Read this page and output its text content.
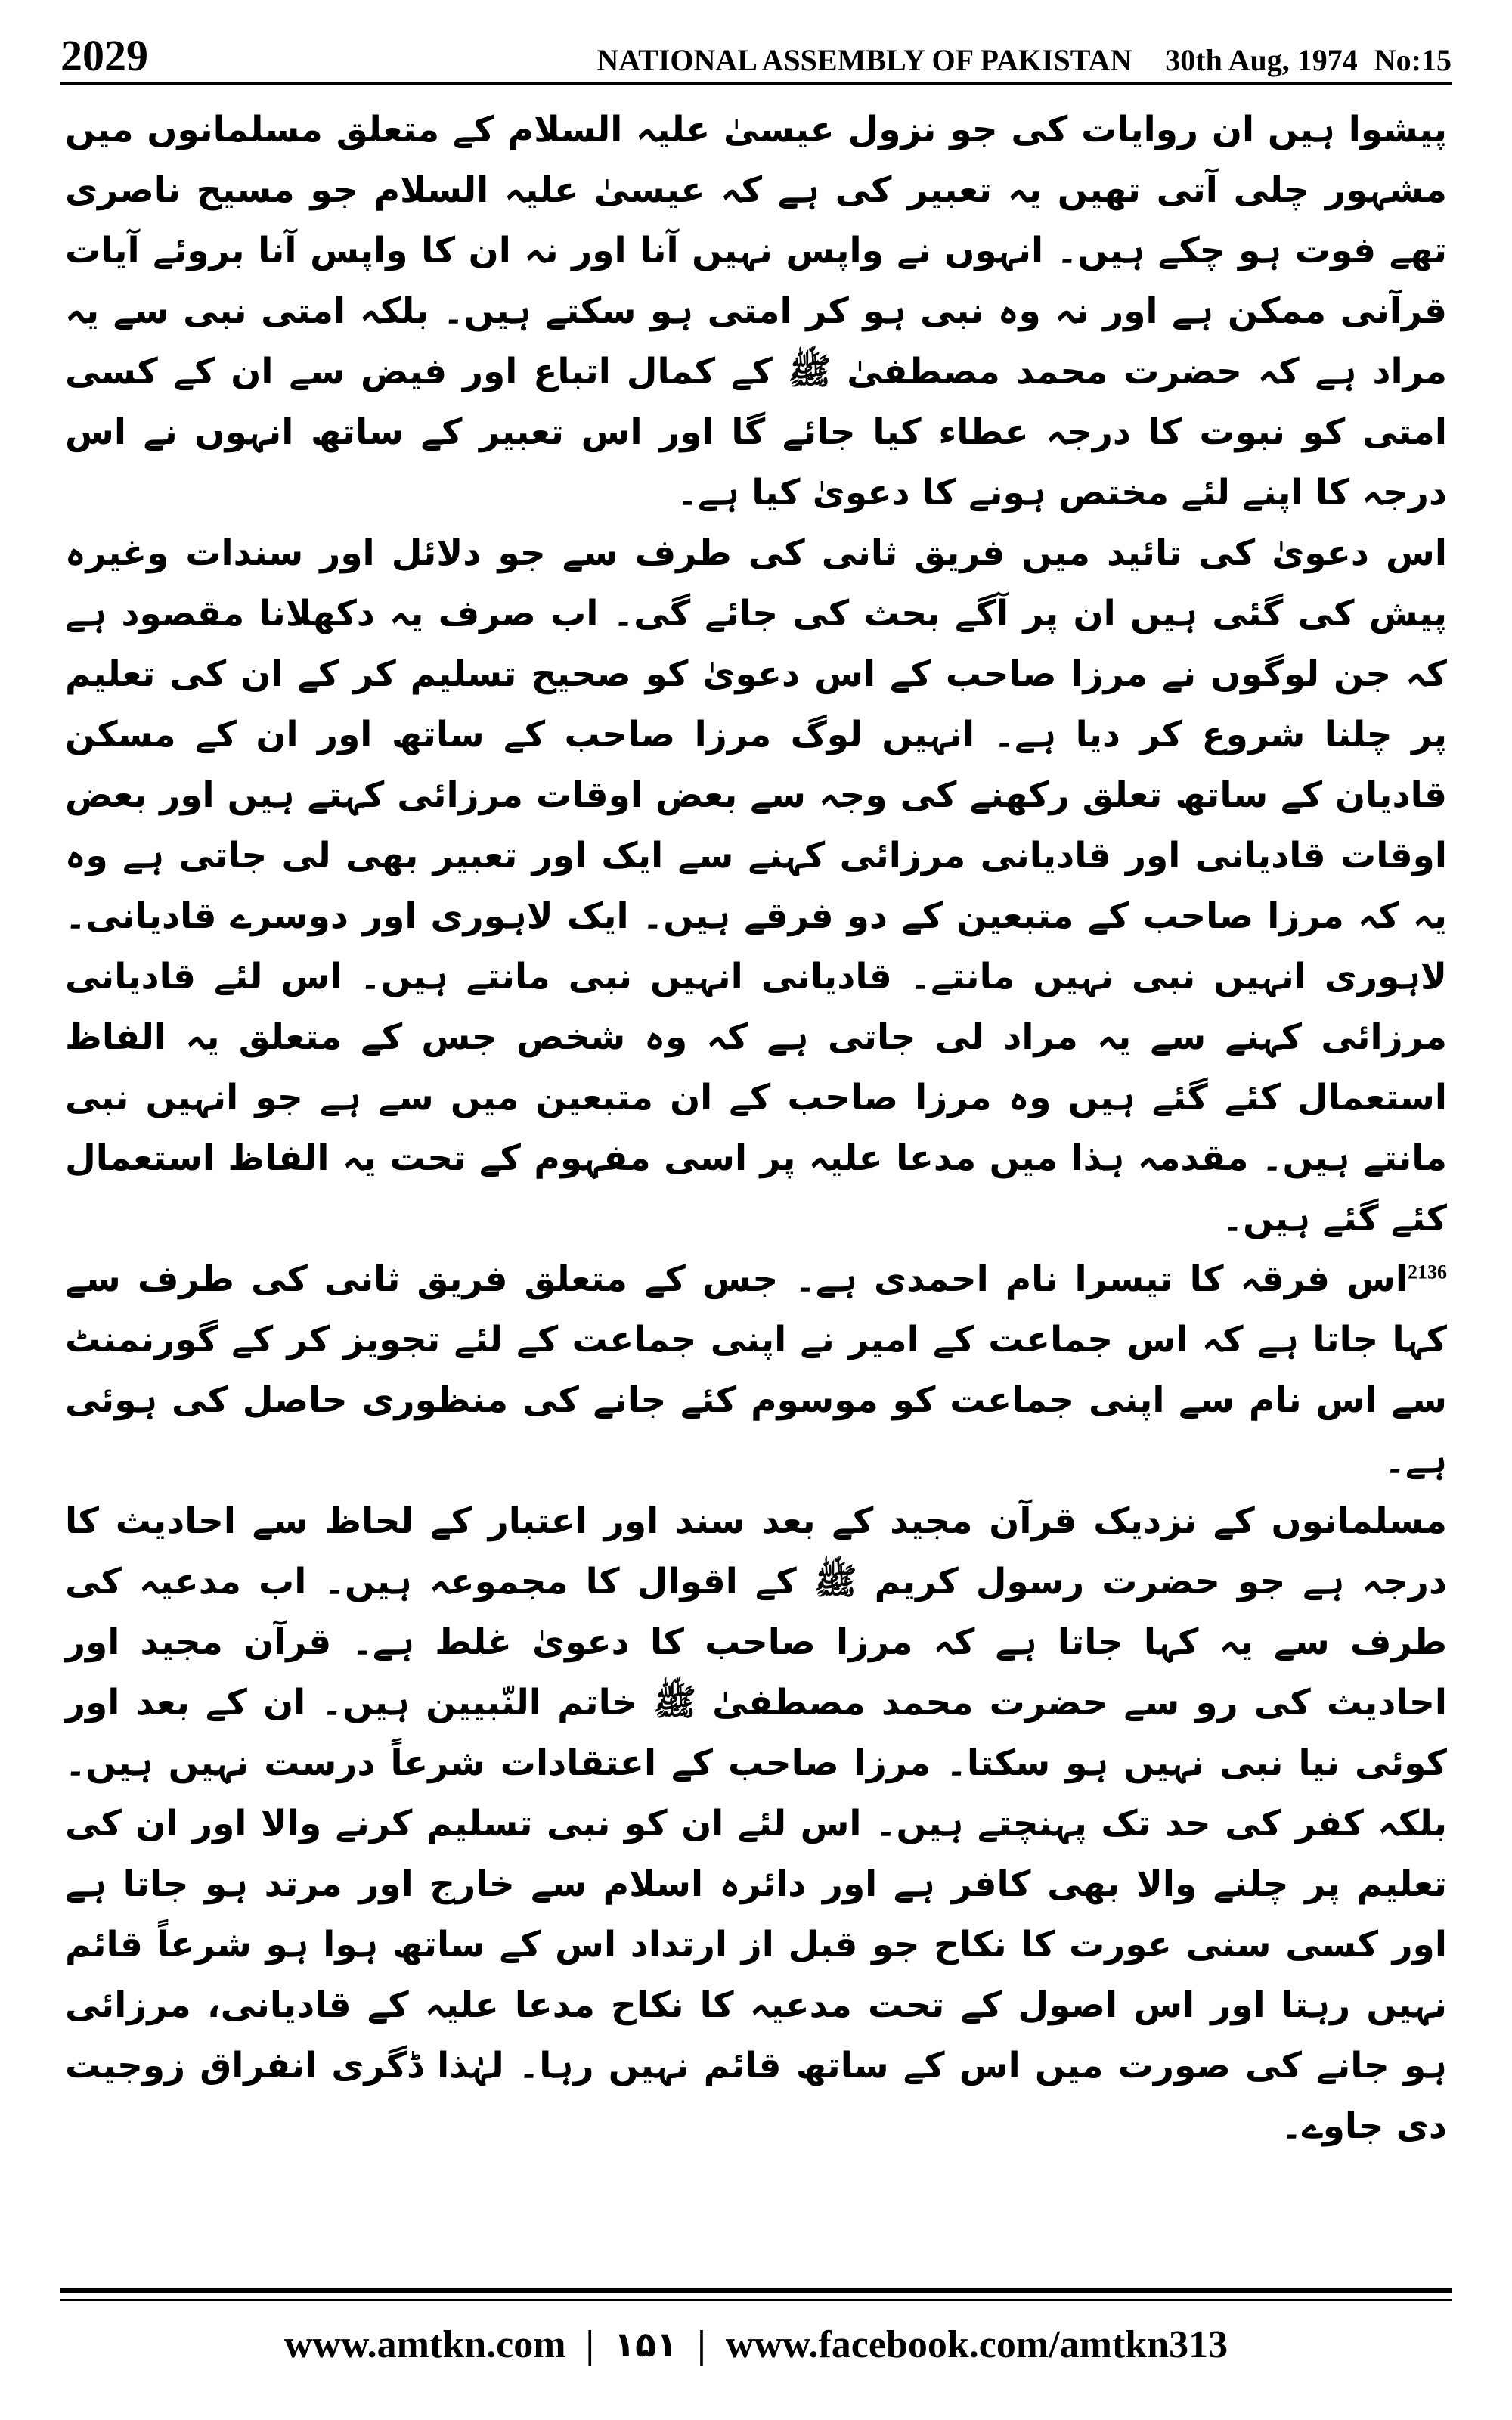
2029	NATIONAL ASSEMBLY OF PAKISTAN 30th Aug, 1974 No:15

پیشوا ہیں ان روایات کی جو نزول عیسیٰ علیہ السلام کے متعلق مسلمانوں میں مشہور چلی آتی تھیں یہ تعبیر کی ہے کہ عیسیٰ علیہ السلام جو مسیح ناصری تھے فوت ہو چکے ہیں۔ انہوں نے واپس نہیں آنا اور نہ ان کا واپس آنا بروئے آیات قرآنی ممکن ہے اور نہ وہ نبی ہو کر امتی ہو سکتے ہیں۔ بلکہ امتی نبی سے یہ مراد ہے کہ حضرت محمد مصطفیٰ ﷺ کے کمال اتباع اور فیض سے ان کے کسی امتی کو نبوت کا درجہ عطاء کیا جائے گا اور اس تعبیر کے ساتھ انہوں نے اس درجہ کا اپنے لئے مختص ہونے کا دعویٰ کیا ہے۔

اس دعویٰ کی تائید میں فریق ثانی کی طرف سے جو دلائل اور سندات وغیرہ پیش کی گئی ہیں ان پر آگے بحث کی جائے گی۔ اب صرف یہ دکھلانا مقصود ہے کہ جن لوگوں نے مرزا صاحب کے اس دعویٰ کو صحیح تسلیم کر کے ان کی تعلیم پر چلنا شروع کر دیا ہے۔ انہیں لوگ مرزا صاحب کے ساتھ اور ان کے مسکن قادیان کے ساتھ تعلق رکھنے کی وجہ سے بعض اوقات مرزائی کہتے ہیں اور بعض اوقات قادیانی اور قادیانی مرزائی کہنے سے ایک اور تعبیر بھی لی جاتی ہے وہ یہ کہ مرزا صاحب کے متبعین کے دو فرقے ہیں۔ ایک لاہوری اور دوسرے قادیانی۔ لاہوری انہیں نبی نہیں مانتے۔ قادیانی انہیں نبی مانتے ہیں۔ اس لئے قادیانی مرزائی کہنے سے یہ مراد لی جاتی ہے کہ وہ شخص جس کے متعلق یہ الفاظ استعمال کئے گئے ہیں وہ مرزا صاحب کے ان متبعین میں سے ہے جو انہیں نبی مانتے ہیں۔ مقدمہ ہذا میں مدعا علیہ پر اسی مفہوم کے تحت یہ الفاظ استعمال کئے گئے ہیں۔

$^{2136}$اس فرقہ کا تیسرا نام احمدی ہے۔ جس کے متعلق فریق ثانی کی طرف سے کہا جاتا ہے کہ اس جماعت کے امیر نے اپنی جماعت کے لئے تجویز کر کے گورنمنٹ سے اس نام سے اپنی جماعت کو موسوم کئے جانے کی منظوری حاصل کی ہوئی ہے۔

مسلمانوں کے نزدیک قرآن مجید کے بعد سند اور اعتبار کے لحاظ سے احادیث کا درجہ ہے جو حضرت رسول کریم ﷺ کے اقوال کا مجموعہ ہیں۔ اب مدعیہ کی طرف سے یہ کہا جاتا ہے کہ مرزا صاحب کا دعویٰ غلط ہے۔ قرآن مجید اور احادیث کی رو سے حضرت محمد مصطفیٰ ﷺ خاتم النّبیین ہیں۔ ان کے بعد اور کوئی نیا نبی نہیں ہو سکتا۔ مرزا صاحب کے اعتقادات شرعاً درست نہیں ہیں۔ بلکہ کفر کی حد تک پہنچتے ہیں۔ اس لئے ان کو نبی تسلیم کرنے والا اور ان کی تعلیم پر چلنے والا بھی کافر ہے اور دائرہ اسلام سے خارج اور مرتد ہو جاتا ہے اور کسی سنی عورت کا نکاح جو قبل از ارتداد اس کے ساتھ ہوا ہو شرعاً قائم نہیں رہتا اور اس اصول کے تحت مدعیہ کا نکاح مدعا علیہ کے قادیانی، مرزائی ہو جانے کی صورت میں اس کے ساتھ قائم نہیں رہا۔ لہٰذا ڈگری انفراق زوجیت دی جاوے۔

www.amtkn.com | ۱۵۱ | www.facebook.com/amtkn313
